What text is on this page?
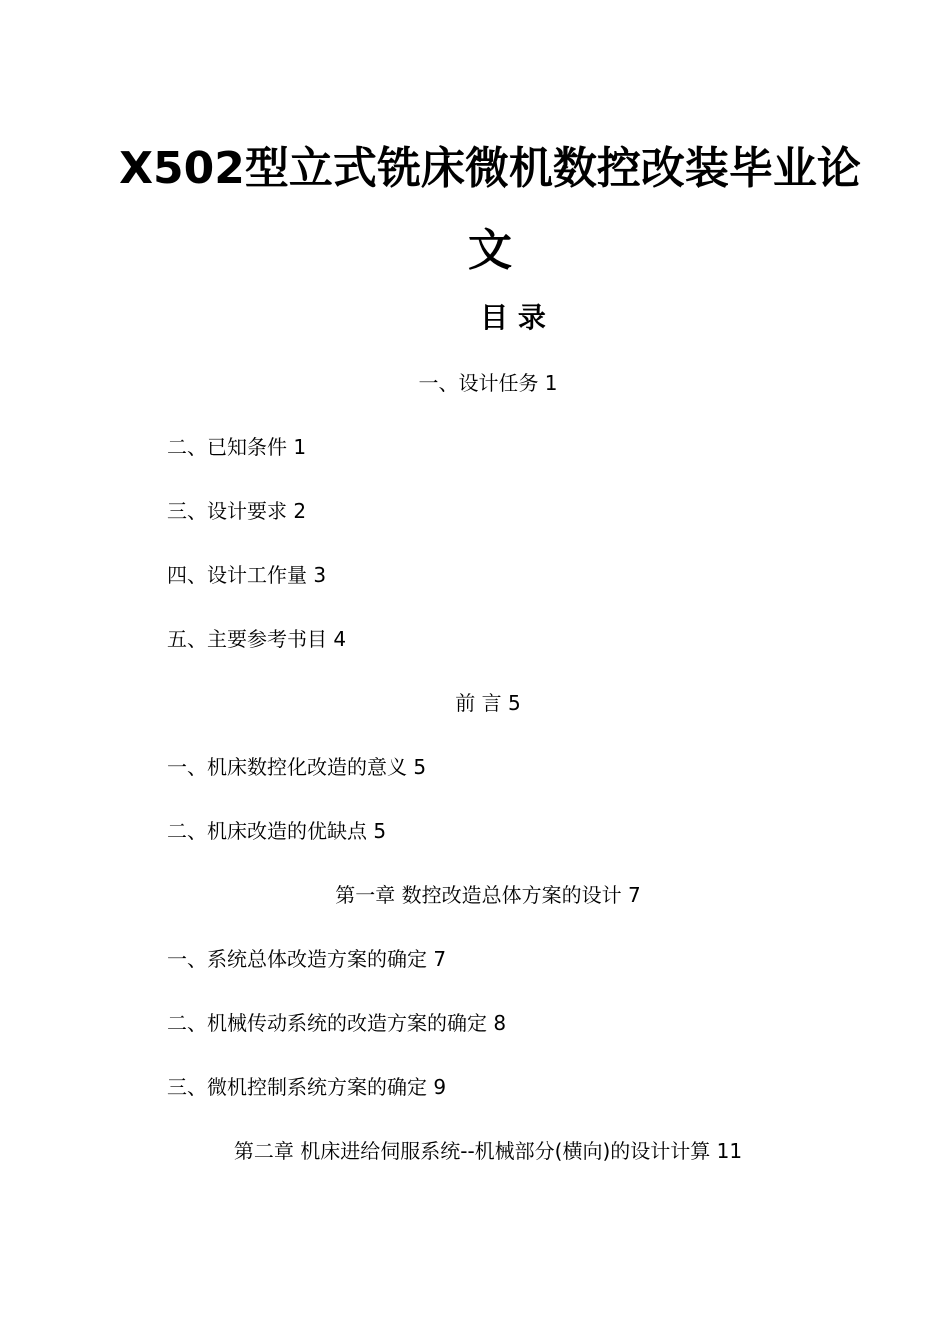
X502型立式铣床微机数控改装毕业论文
目 录
一、设计任务 1
二、已知条件 1
三、设计要求 2
四、设计工作量 3
五、主要参考书目 4
前 言 5
一、机床数控化改造的意义 5
二、机床改造的优缺点 5
第一章 数控改造总体方案的设计 7
一、系统总体改造方案的确定 7
二、机械传动系统的改造方案的确定 8
三、微机控制系统方案的确定 9
第二章 机床进给伺服系统--机械部分(横向)的设计计算 11
